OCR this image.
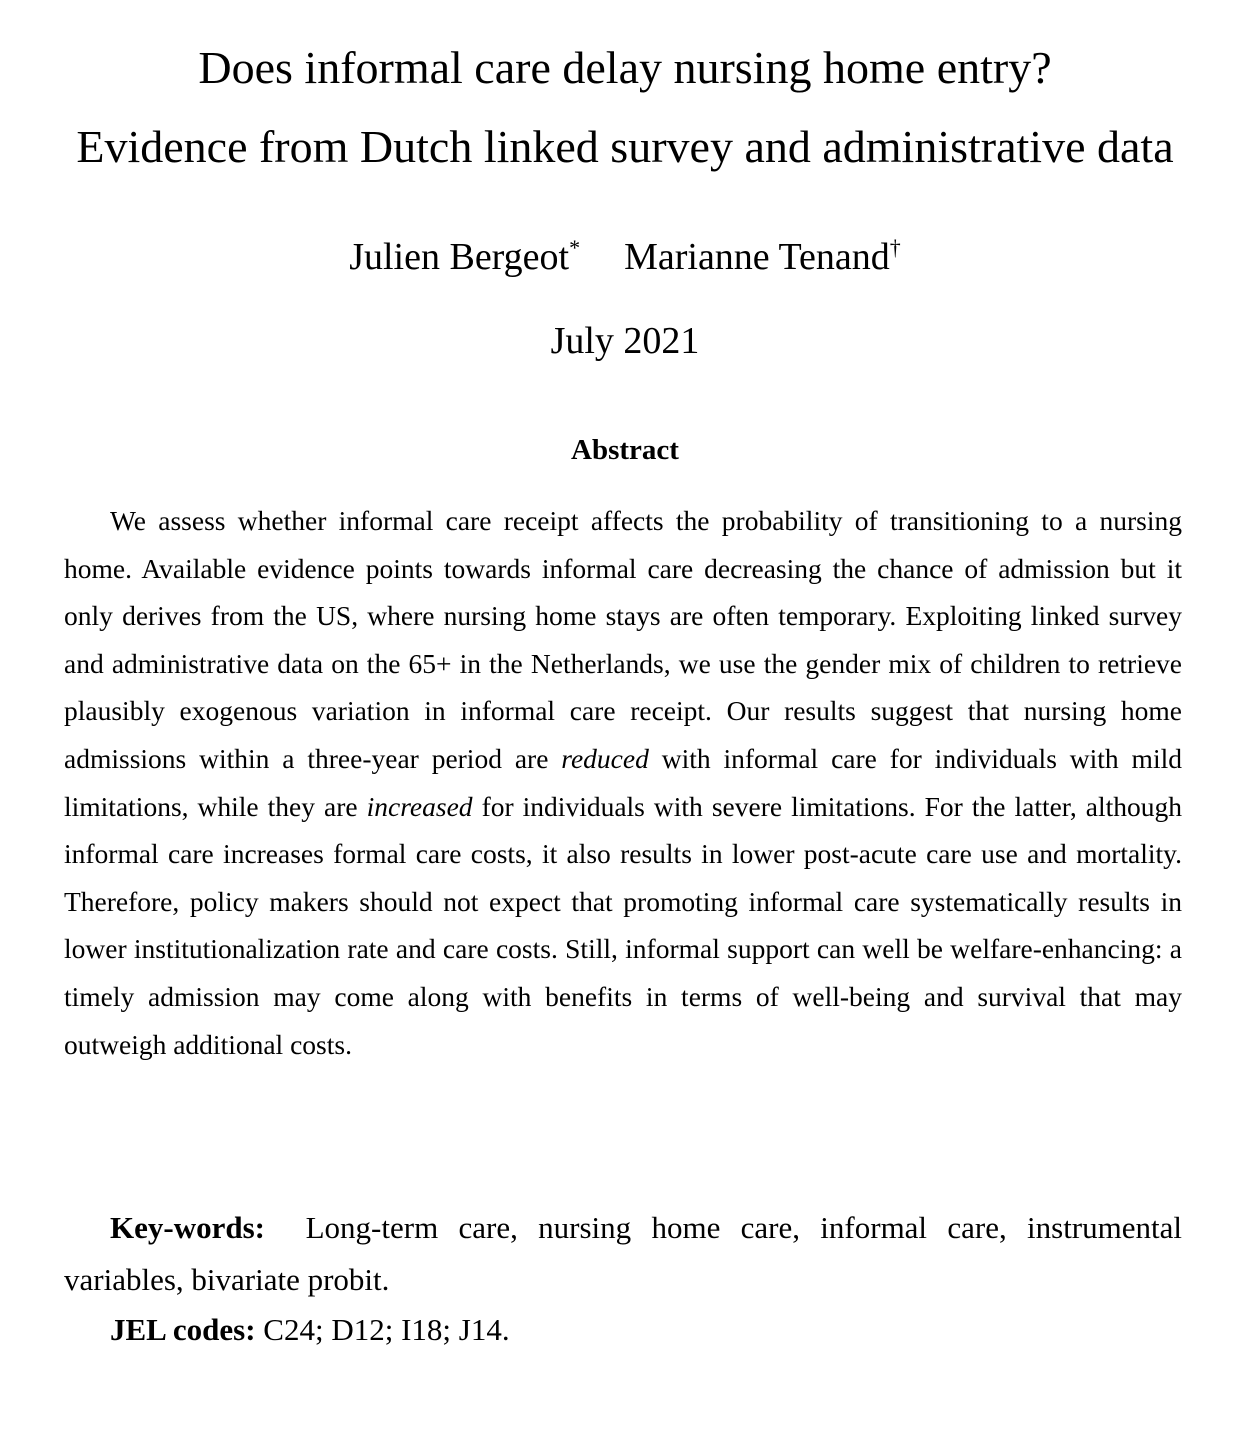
Does informal care delay nursing home entry?
Evidence from Dutch linked survey and administrative data
Julien Bergeot* Marianne Tenand†
July 2021
Abstract

We assess whether informal care receipt affects the probability of transitioning to a nursing home. Available evidence points towards informal care decreasing the chance of admission but it only derives from the US, where nursing home stays are often temporary. Exploiting linked survey and administrative data on the 65+ in the Netherlands, we use the gender mix of children to retrieve plausibly exogenous variation in informal care receipt. Our results suggest that nursing home admissions within a three-year period are reduced with informal care for individuals with mild limitations, while they are increased for individuals with severe limitations. For the latter, although informal care increases formal care costs, it also results in lower post-acute care use and mortality. Therefore, policy makers should not expect that promoting informal care systematically results in lower institutionalization rate and care costs. Still, informal support can well be welfare-enhancing: a timely admission may come along with benefits in terms of well-being and survival that may outweigh additional costs.

Key-words: Long-term care, nursing home care, informal care, instrumental variables, bivariate probit.

JEL codes: C24; D12; I18; J14.
